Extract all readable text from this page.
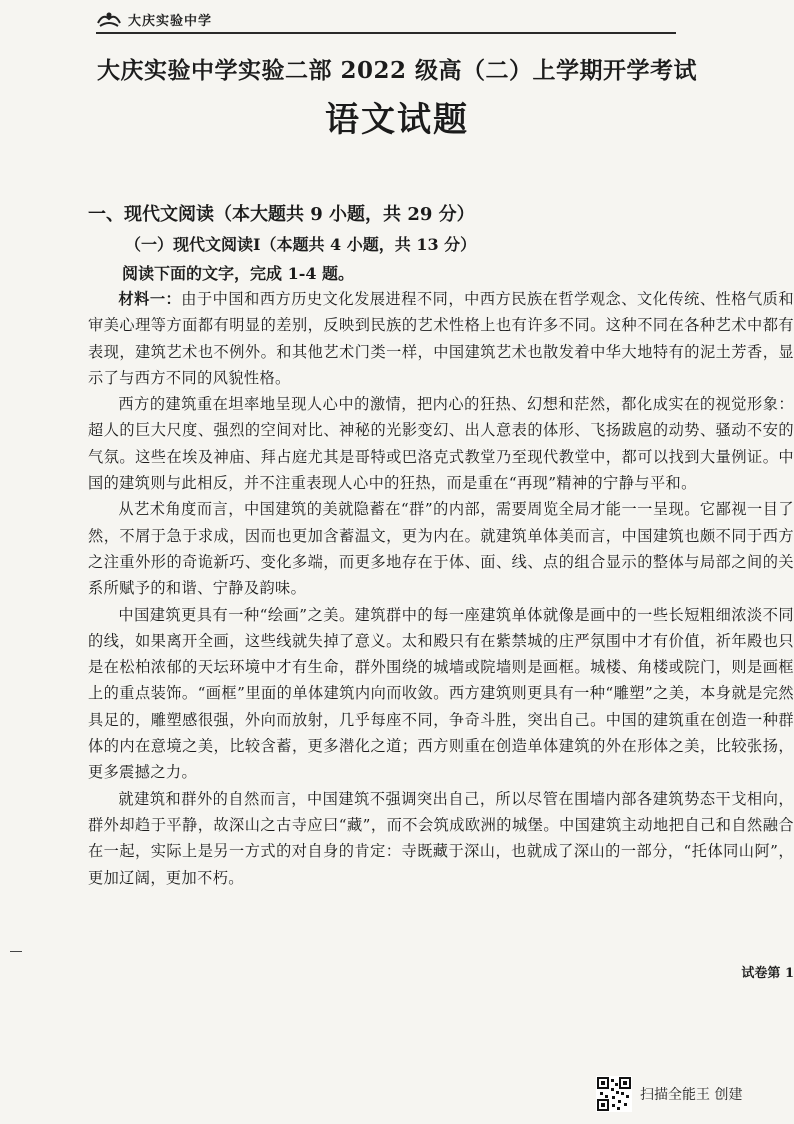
大庆实验中学
大庆实验中学实验二部 2022 级高（二）上学期开学考试
语文试题
一、现代文阅读（本大题共 9 小题，共 29 分）
（一）现代文阅读Ⅰ（本题共 4 小题，共 13 分）
阅读下面的文字，完成 1-4 题。

材料一：由于中国和西方历史文化发展进程不同，中西方民族在哲学观念、文化传统、性格气质和审美心理等方面都有明显的差别，反映到民族的艺术性格上也有许多不同。这种不同在各种艺术中都有表现，建筑艺术也不例外。和其他艺术门类一样，中国建筑艺术也散发着中华大地特有的泥土芳香，显示了与西方不同的风貌性格。

西方的建筑重在坦率地呈现人心中的激情，把内心的狂热、幻想和茫然，都化成实在的视觉形象：超人的巨大尺度、强烈的空间对比、神秘的光影变幻、出人意表的体形、飞扬跋扈的动势、骚动不安的气氛。这些在埃及神庙、拜占庭尤其是哥特或巴洛克式教堂乃至现代教堂中，都可以找到大量例证。中国的建筑则与此相反，并不注重表现人心中的狂热，而是重在“再现”精神的宁静与平和。

从艺术角度而言，中国建筑的美就隐蓄在“群”的内部，需要周览全局才能一一呈现。它鄙视一目了然，不屑于急于求成，因而也更加含蓄温文，更为内在。就建筑单体美而言，中国建筑也颇不同于西方之注重外形的奇诡新巧、变化多端，而更多地存在于体、面、线、点的组合显示的整体与局部之间的关系所赋予的和谐、宁静及韵味。

中国建筑更具有一种“绘画”之美。建筑群中的每一座建筑单体就像是画中的一些长短粗细浓淡不同的线，如果离开全画，这些线就失掉了意义。太和殿只有在紫禁城的庄严氛围中才有价值，祈年殿也只是在松柏浓郁的天坛环境中才有生命，群外围绕的城墙或院墙则是画框。城楼、角楼或院门，则是画框上的重点装饰。“画框”里面的单体建筑内向而收敛。西方建筑则更具有一种“雕塑”之美，本身就是完然具足的，雕塑感很强，外向而放射，几乎每座不同，争奇斗胜，突出自己。中国的建筑重在创造一种群体的内在意境之美，比较含蓄，更多潜化之道；西方则重在创造单体建筑的外在形体之美，比较张扬，更多震撼之力。

就建筑和群外的自然而言，中国建筑不强调突出自己，所以尽管在围墙内部各建筑势态干戈相向，群外却趋于平静，故深山之古寺应曰“藏”，而不会筑成欧洲的城堡。中国建筑主动地把自己和自然融合在一起，实际上是另一方式的对自身的肯定：寺既藏于深山，也就成了深山的一部分，“托体同山阿”，更加辽阔，更加不朽。

试卷第 1
扫描全能王 创建
